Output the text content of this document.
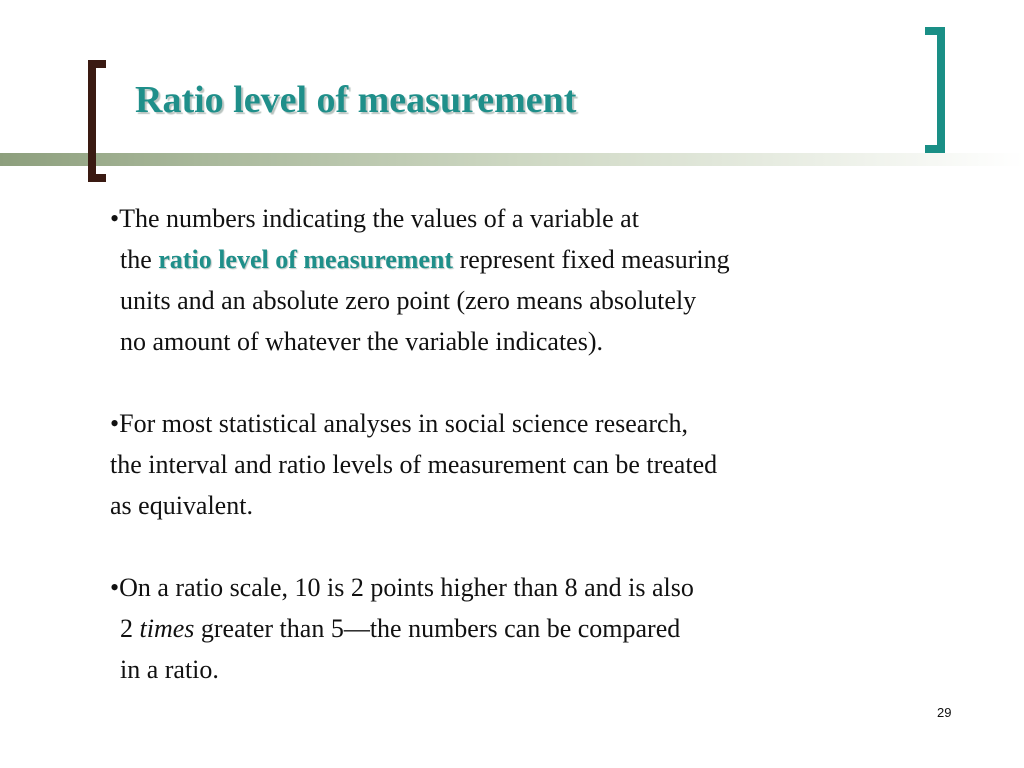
Ratio level of measurement

•The numbers indicating the values of a variable at

the ratio level of measurement represent fixed measuring

units and an absolute zero point (zero means absolutely

no amount of whatever the variable indicates).

•For most statistical analyses in social science research,

the interval and ratio levels of measurement can be treated

as equivalent.

•On a ratio scale, 10 is 2 points higher than 8 and is also

2 times greater than 5—the numbers can be compared

in a ratio.

29
